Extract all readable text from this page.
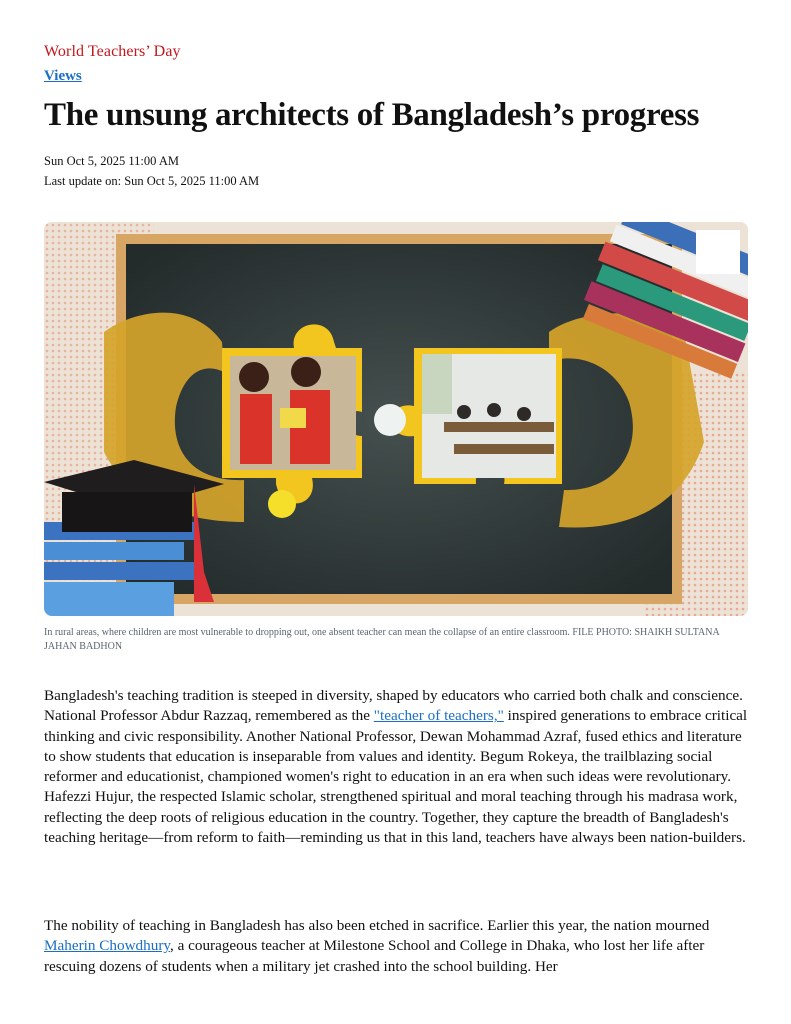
World Teachers’ Day
Views
The unsung architects of Bangladesh’s progress
Sun Oct 5, 2025 11:00 AM
Last update on: Sun Oct 5, 2025 11:00 AM
In rural areas, where children are most vulnerable to dropping out, one absent teacher can mean the collapse of an entire classroom. FILE PHOTO: SHAIKH SULTANA JAHAN BADHON

Bangladesh's teaching tradition is steeped in diversity, shaped by educators who carried both chalk and conscience. National Professor Abdur Razzaq, remembered as the "teacher of teachers," inspired generations to embrace critical thinking and civic responsibility. Another National Professor, Dewan Mohammad Azraf, fused ethics and literature to show students that education is inseparable from values and identity. Begum Rokeya, the trailblazing social reformer and educationist, championed women's right to education in an era when such ideas were revolutionary. Hafezzi Hujur, the respected Islamic scholar, strengthened spiritual and moral teaching through his madrasa work, reflecting the deep roots of religious education in the country. Together, they capture the breadth of Bangladesh's teaching heritage—from reform to faith—reminding us that in this land, teachers have always been nation-builders.

The nobility of teaching in Bangladesh has also been etched in sacrifice. Earlier this year, the nation mourned Maherin Chowdhury, a courageous teacher at Milestone School and College in Dhaka, who lost her life after rescuing dozens of students when a military jet crashed into the school building. Her
